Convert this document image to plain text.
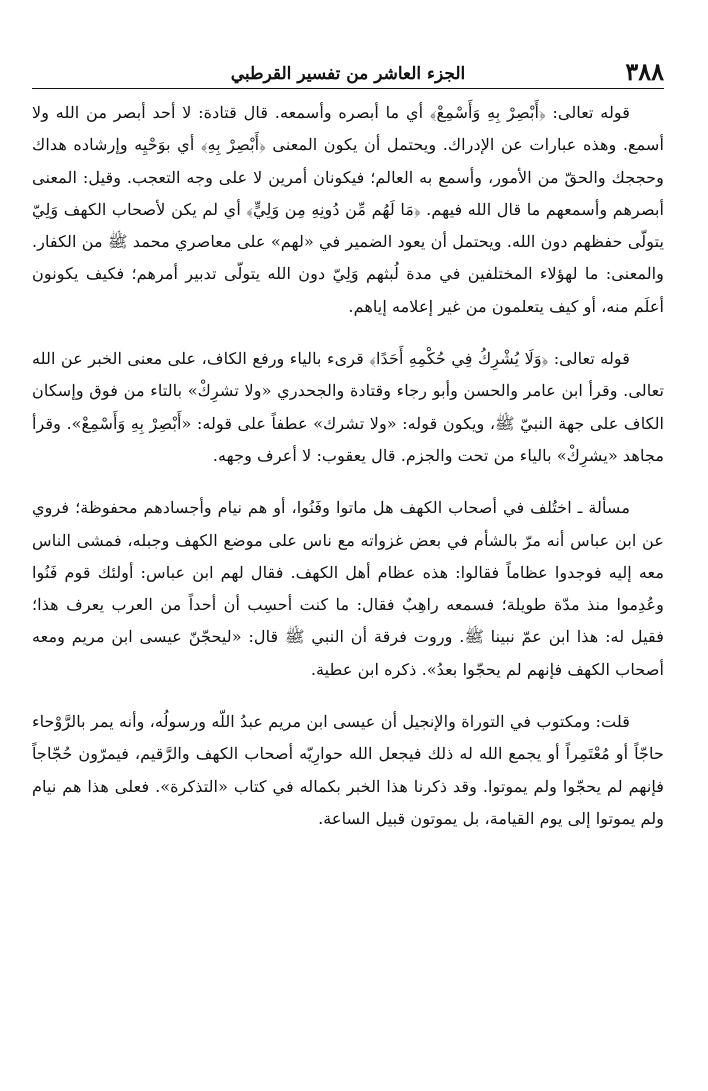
٣٨٨
الجزء العاشر من تفسير القرطبي

قوله تعالى: ﴿أَبْصِرْ بِهِ وَأَسْمِعْ﴾ أي ما أبصره وأسمعه. قال قتادة: لا أحد أبصر من الله ولا أسمع. وهذه عبارات عن الإدراك. ويحتمل أن يكون المعنى ﴿أَبْصِرْ بِهِ﴾ أي بوَحْيِه وإرشاده هداك وحججك والحقّ من الأمور، وأسمع به العالم؛ فيكونان أمرين لا على وجه التعجب. وقيل: المعنى أبصرهم وأسمعهم ما قال الله فيهم. ﴿مَا لَهُم مِّن دُونِهِ مِن وَلِيٍّ﴾ أي لم يكن لأصحاب الكهف وَلِيّ يتولّى حفظهم دون الله. ويحتمل أن يعود الضمير في «لهم» على معاصري محمد ﷺ من الكفار. والمعنى: ما لهؤلاء المختلفين في مدة لُبثهم وَلِيّ دون الله يتولّى تدبير أمرهم؛ فكيف يكونون أعلَم منه، أو كيف يتعلمون من غير إعلامه إياهم.

قوله تعالى: ﴿وَلَا يُشْرِكُ فِي حُكْمِهِ أَحَدًا﴾ قرىء بالياء ورفع الكاف، على معنى الخبر عن الله تعالى. وقرأ ابن عامر والحسن وأبو رجاء وقتادة والجحدري «ولا تشرِكْ» بالتاء من فوق وإسكان الكاف على جهة النبيّ ﷺ، ويكون قوله: «ولا تشرك» عطفاً على قوله: «أَبْصِرْ بِهِ وَأَسْمِعْ». وقرأ مجاهد «يشرِكْ» بالياء من تحت والجزم. قال يعقوب: لا أعرف وجهه.

مسألة ـ اختُلف في أصحاب الكهف هل ماتوا وفَنُوا، أو هم نيام وأجسادهم محفوظة؛ فروي عن ابن عباس أنه مرّ بالشأم في بعض غزواته مع ناس على موضع الكهف وجبله، فمشى الناس معه إليه فوجدوا عظاماً فقالوا: هذه عظام أهل الكهف. فقال لهم ابن عباس: أولئك قوم فَنُوا وعُدِموا منذ مدّة طويلة؛ فسمعه راهِبٌ فقال: ما كنت أحسِب أن أحداً من العرب يعرف هذا؛ فقيل له: هذا ابن عمّ نبينا ﷺ. وروت فرقة أن النبي ﷺ قال: «ليحجّنّ عيسى ابن مريم ومعه أصحاب الكهف فإنهم لم يحجّوا بعدُ». ذكره ابن عطية.

قلت: ومكتوب في التوراة والإنجيل أن عيسى ابن مريم عبدُ اللّه ورسولُه، وأنه يمر بالرَّوْحاء حاجّاً أو مُعْتَمِراً أو يجمع الله له ذلك فيجعل الله حوارِيّه أصحاب الكهف والرَّقيم، فيمرّون حُجّاجاً فإنهم لم يحجّوا ولم يموتوا. وقد ذكرنا هذا الخبر بكماله في كتاب «التذكرة». فعلى هذا هم نيام ولم يموتوا إلى يوم القيامة، بل يموتون قبيل الساعة.
